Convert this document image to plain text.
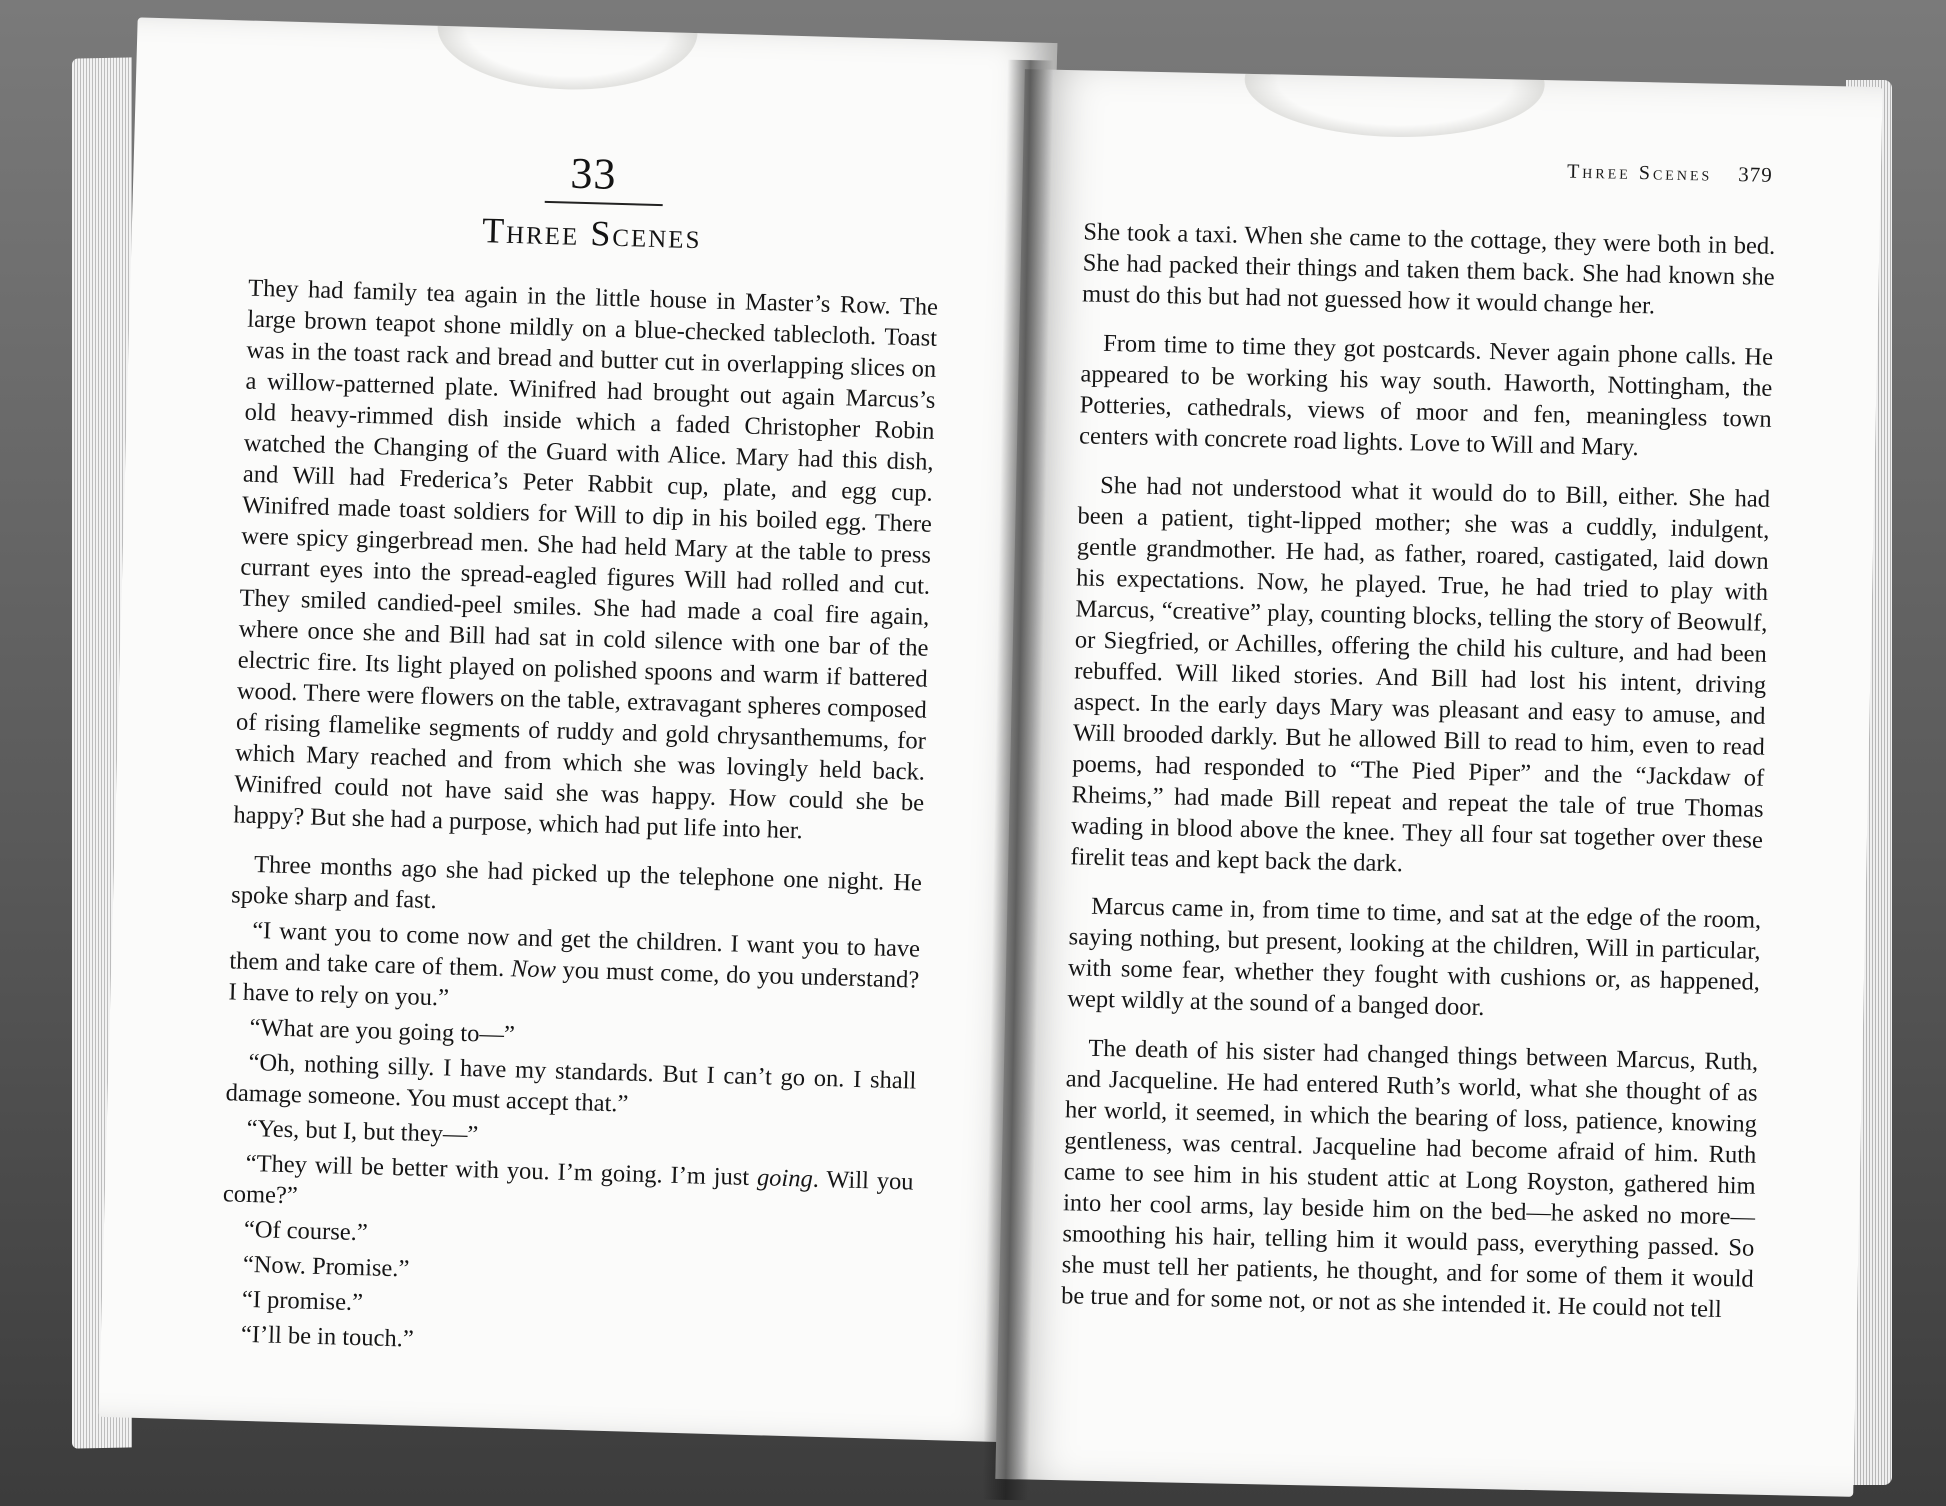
33
Three Scenes

They had family tea again in the little house in Master’s Row. The large brown teapot shone mildly on a blue-checked tablecloth. Toast was in the toast rack and bread and butter cut in overlapping slices on a willow-patterned plate. Winifred had brought out again Marcus’s old heavy-rimmed dish inside which a faded Christopher Robin watched the Changing of the Guard with Alice. Mary had this dish, and Will had Frederica’s Peter Rabbit cup, plate, and egg cup. Winifred made toast soldiers for Will to dip in his boiled egg. There were spicy gingerbread men. She had held Mary at the table to press currant eyes into the spread-eagled figures Will had rolled and cut. They smiled candied-peel smiles. She had made a coal fire again, where once she and Bill had sat in cold silence with one bar of the electric fire. Its light played on polished spoons and warm if battered wood. There were flowers on the table, extravagant spheres composed of rising flamelike segments of ruddy and gold chrysanthemums, for which Mary reached and from which she was lovingly held back. Winifred could not have said she was happy. How could she be happy? But she had a purpose, which had put life into her.

Three months ago she had picked up the telephone one night. He spoke sharp and fast.

“I want you to come now and get the children. I want you to have them and take care of them. Now you must come, do you understand? I have to rely on you.”

“What are you going to—”

“Oh, nothing silly. I have my standards. But I can’t go on. I shall damage someone. You must accept that.”

“Yes, but I, but they—”

“They will be better with you. I’m going. I’m just going. Will you come?”

“Of course.”

“Now. Promise.”

“I promise.”

“I’ll be in touch.”

Three Scenes 379

She took a taxi. When she came to the cottage, they were both in bed. She had packed their things and taken them back. She had known she must do this but had not guessed how it would change her.

From time to time they got postcards. Never again phone calls. He appeared to be working his way south. Haworth, Nottingham, the Potteries, cathedrals, views of moor and fen, meaningless town centers with concrete road lights. Love to Will and Mary.

She had not understood what it would do to Bill, either. She had been a patient, tight-lipped mother; she was a cuddly, indulgent, gentle grandmother. He had, as father, roared, castigated, laid down his expectations. Now, he played. True, he had tried to play with Marcus, “creative” play, counting blocks, telling the story of Beowulf, or Siegfried, or Achilles, offering the child his culture, and had been rebuffed. Will liked stories. And Bill had lost his intent, driving aspect. In the early days Mary was pleasant and easy to amuse, and Will brooded darkly. But he allowed Bill to read to him, even to read poems, had responded to “The Pied Piper” and the “Jackdaw of Rheims,” had made Bill repeat and repeat the tale of true Thomas wading in blood above the knee. They all four sat together over these firelit teas and kept back the dark.

Marcus came in, from time to time, and sat at the edge of the room, saying nothing, but present, looking at the children, Will in particular, with some fear, whether they fought with cushions or, as happened, wept wildly at the sound of a banged door.

The death of his sister had changed things between Marcus, Ruth, and Jacqueline. He had entered Ruth’s world, what she thought of as her world, it seemed, in which the bearing of loss, patience, knowing gentleness, was central. Jacqueline had become afraid of him. Ruth came to see him in his student attic at Long Royston, gathered him into her cool arms, lay beside him on the bed—he asked no more—smoothing his hair, telling him it would pass, everything passed. So she must tell her patients, he thought, and for some of them it would be true and for some not, or not as she intended it. He could not tell
